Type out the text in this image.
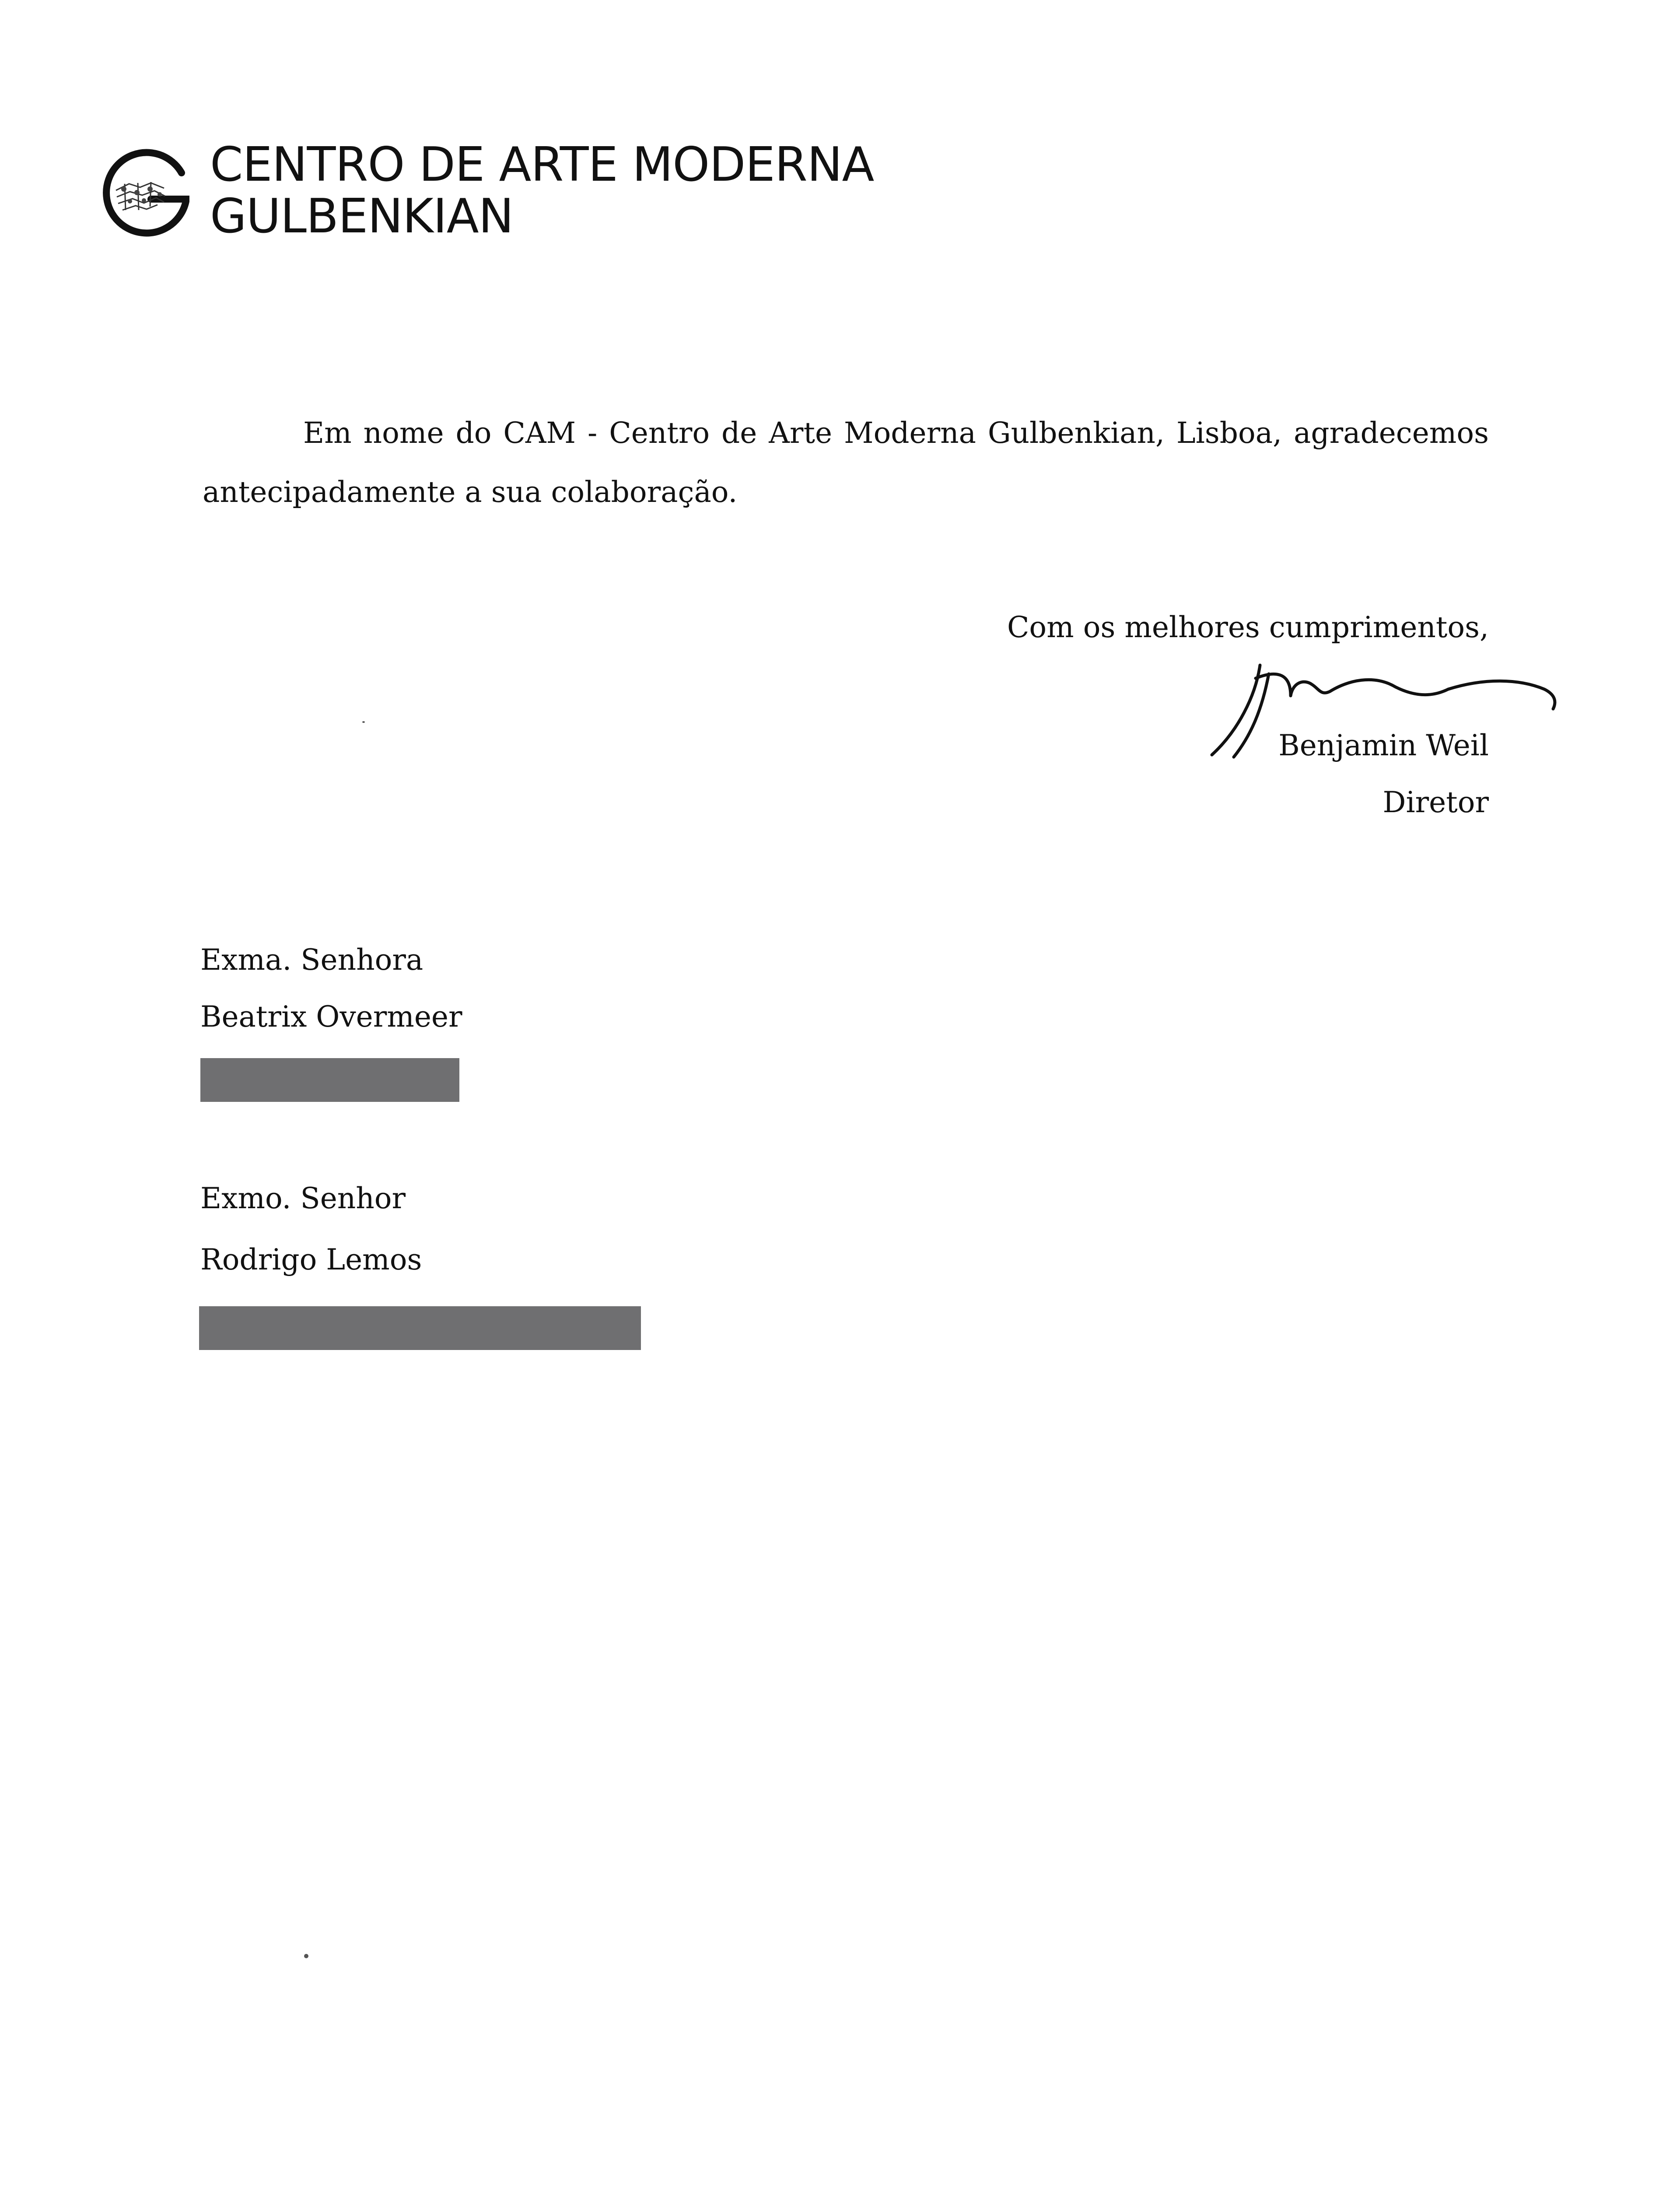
CENTRO DE ARTE MODERNA
GULBENKIAN
Em nome do CAM - Centro de Arte Moderna Gulbenkian, Lisboa, agradecemos
antecipadamente a sua colaboração.
Com os melhores cumprimentos,
Benjamin Weil
Diretor
Exma. Senhora
Beatrix Overmeer
Exmo. Senhor
Rodrigo Lemos
